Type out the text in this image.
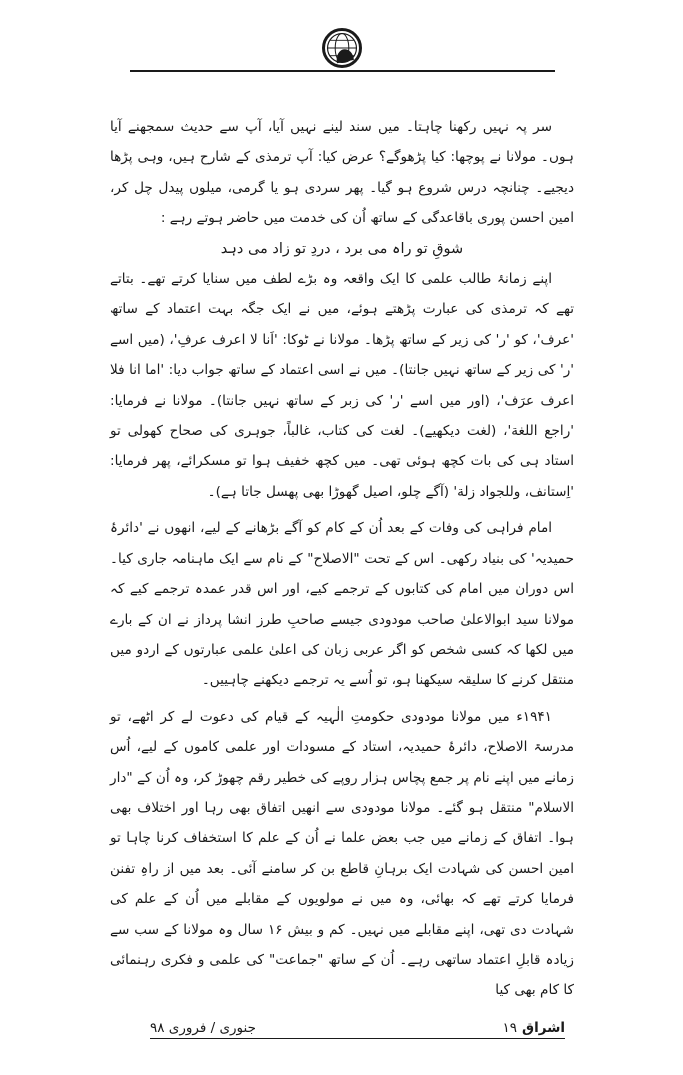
سر پہ نہیں رکھنا چاہتا۔ میں سند لینے نہیں آیا، آپ سے حدیث سمجھنے آیا ہوں۔ مولانا نے پوچھا: کیا پڑھوگے؟ عرض کیا: آپ ترمذی کے شارح ہیں، وہی پڑھا دیجیے۔ چنانچہ درس شروع ہو گیا۔ پھر سردی ہو یا گرمی، میلوں پیدل چل کر، امین احسن پوری باقاعدگی کے ساتھ اُن کی خدمت میں حاضر ہوتے رہے :

شوقِ تو راہ می برد ، دردِ تو زاد می دہد

اپنے زمانۂ طالب علمی کا ایک واقعہ وہ بڑے لطف میں سنایا کرتے تھے۔ بتاتے تھے کہ ترمذی کی عبارت پڑھتے ہوئے، میں نے ایک جگہ بہت اعتماد کے ساتھ 'عرف'، کو 'ر' کی زیر کے ساتھ پڑھا۔ مولانا نے ٹوکا: 'اَنا لا اعرف عرفِ'، (میں اسے 'ر' کی زیر کے ساتھ نہیں جانتا)۔ میں نے اسی اعتماد کے ساتھ جواب دیا: 'اما انا فلا اعرف عرَف'، (اور میں اسے 'ر' کی زبر کے ساتھ نہیں جانتا)۔ مولانا نے فرمایا: 'راجع اللغة'، (لغت دیکھیے)۔ لغت کی کتاب، غالباً، جوہری کی صحاح کھولی تو استاد ہی کی بات کچھ ہوئی تھی۔ میں کچھ خفیف ہوا تو مسکرائے، پھر فرمایا: 'اِستانف، وللجواد زلة' (آگے چلو، اصیل گھوڑا بھی پھسل جاتا ہے)۔

امام فراہی کی وفات کے بعد اُن کے کام کو آگے بڑھانے کے لیے، انھوں نے 'دائرۂ حمیدیہ' کی بنیاد رکھی۔ اس کے تحت "الاصلاح" کے نام سے ایک ماہنامہ جاری کیا۔ اس دوران میں امام کی کتابوں کے ترجمے کیے، اور اس قدر عمدہ ترجمے کیے کہ مولانا سید ابوالاعلیٰ صاحب مودودی جیسے صاحبِ طرز انشا پرداز نے ان کے بارے میں لکھا کہ کسی شخص کو اگر عربی زبان کی اعلیٰ علمی عبارتوں کے اردو میں منتقل کرنے کا سلیقہ سیکھنا ہو، تو اُسے یہ ترجمے دیکھنے چاہییں۔

۱۹۴۱ء میں مولانا مودودی حکومتِ الٰہیہ کے قیام کی دعوت لے کر اٹھے، تو مدرسۃ الاصلاح، دائرۂ حمیدیہ، استاد کے مسودات اور علمی کاموں کے لیے، اُس زمانے میں اپنے نام پر جمع پچاس ہزار روپے کی خطیر رقم چھوڑ کر، وہ اُن کے "دار الاسلام" منتقل ہو گئے۔ مولانا مودودی سے انھیں اتفاق بھی رہا اور اختلاف بھی ہوا۔ اتفاق کے زمانے میں جب بعض علما نے اُن کے علم کا استخفاف کرنا چاہا تو امین احسن کی شہادت ایک برہانِ قاطع بن کر سامنے آئی۔ بعد میں از راہِ تفنن فرمایا کرتے تھے کہ بھائی، وہ میں نے مولویوں کے مقابلے میں اُن کے علم کی شہادت دی تھی، اپنے مقابلے میں نہیں۔ کم و بیش ۱۶ سال وہ مولانا کے سب سے زیادہ قابلِ اعتماد ساتھی رہے۔ اُن کے ساتھ "جماعت" کی علمی و فکری رہنمائی کا کام بھی کیا

اشراق
۱۹
جنوری / فروری ۹۸
